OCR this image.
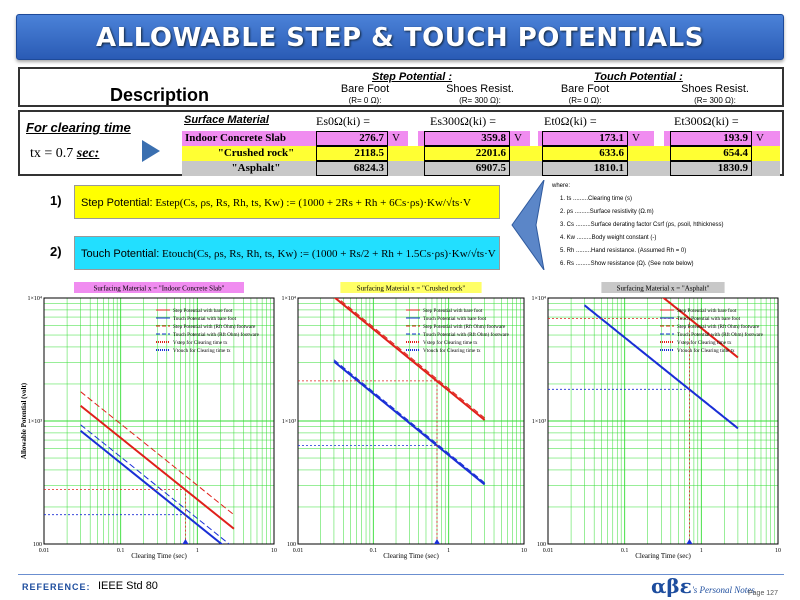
ALLOWABLE STEP & TOUCH POTENTIALS
Description
Step Potential :	Touch Potential :
Bare Foot
(R= 0 Ω):
Shoes Resist.
(R= 300 Ω):
Bare Foot
(R= 0 Ω):
Shoes Resist.
(R= 300 Ω):
For clearing time
tx = 0.7 sec:
Surface Material	Es0Ω(ki) =	Es300Ω(ki) =	Et0Ω(ki) =	Et300Ω(ki) =
Indoor Concrete Slab	276.7 V	359.8 V	173.1 V	193.9 V
"Crushed rock"	2118.5	2201.6	633.6	654.4
"Asphalt"	6824.3	6907.5	1810.1	1830.9
1)
2)
Step Potential: Estep(Cs, ρs, Rs, Rh, ts, Kw) := (1000 + 2Rs + Rh + 6Cs·ρs)·Kw/√ts·V
Touch Potential: Etouch(Cs, ρs, Rs, Rh, ts, Kw) := (1000 + Rs/2 + Rh + 1.5Cs·ρs)·Kw/√ts·V
where:
1. ts .........Clearing time (s)
2. ρs .........Surface resistivity (Ω.m)
3. Cs .........Surface derating factor Csrf (ρs, ρsoil, hthickness)
4. Kw .........Body weight constant (-)
5. Rh .........Hand resistance. (Assumed Rh = 0)
6. Rs .........Show resistance (Ω). (See note below)
0.01	0.1	1	10
100
1×10³
1×10⁴
Clearing Time (sec)
Allowable Potential (volt)
Surfacing Material x = "Indoor Concrete Slab"
Step Potential with bare foot
Touch Potential with bare foot
Step Potential with (Rft Ohm) footware
Touch Potential with (Rft Ohm) footware
Vstep for Clearing time tx
Vtouch for Clearing time tx
0.01	0.1	1	10
100
1×10³
1×10⁴
Clearing Time (sec)
Surfacing Material x = "Crushed rock"
Step Potential with bare foot
Touch Potential with bare foot
Step Potential with (Rft Ohm) footware
Touch Potential with (Rft Ohm) footware
Vstep for Clearing time tx
Vtouch for Clearing time tx
0.01	0.1	1	10
100
1×10³
1×10⁴
Clearing Time (sec)
Surfacing Material x = "Asphalt"
Step Potential with bare foot
Touch Potential with bare foot
Step Potential with (Rft Ohm) footware
Touch Potential with (Rft Ohm) footware
Vstep for Clearing time tx
Vtouch for Clearing time tx
REFERENCE: IEEE Std 80	αβε's Personal Notes
Page 127
